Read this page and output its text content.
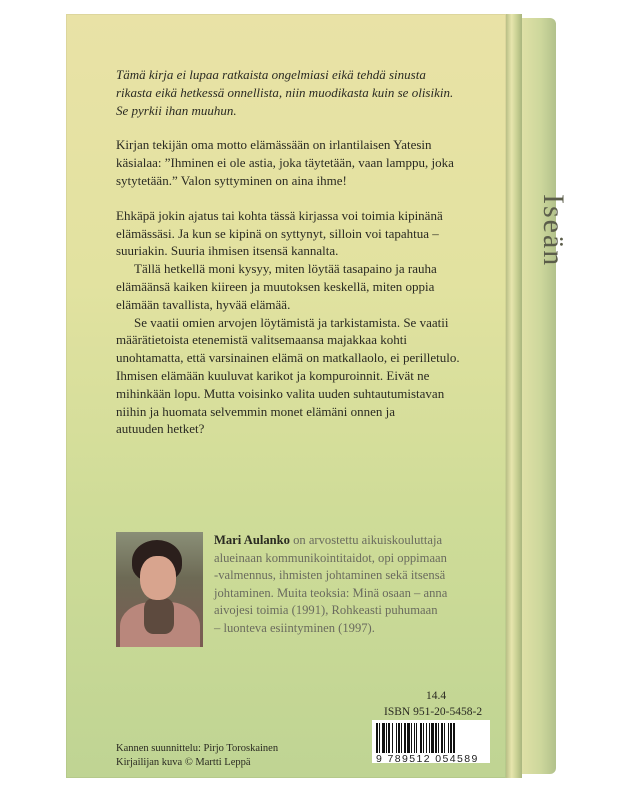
Iseän

Tämä kirja ei lupaa ratkaista ongelmiasi eikä tehdä sinusta

rikasta eikä hetkessä onnellista, niin muodikasta kuin se olisikin.

Se pyrkii ihan muuhun.

Kirjan tekijän oma motto elämässään on irlantilaisen Yatesin

käsialaa: ”Ihminen ei ole astia, joka täytetään, vaan lamppu, joka

sytytetään.” Valon syttyminen on aina ihme!

Ehkäpä jokin ajatus tai kohta tässä kirjassa voi toimia kipinänä

elämässäsi. Ja kun se kipinä on syttynyt, silloin voi tapahtua –

suuriakin. Suuria ihmisen itsensä kannalta.

Tällä hetkellä moni kysyy, miten löytää tasapaino ja rauha

elämäänsä kaiken kiireen ja muutoksen keskellä, miten oppia

elämään tavallista, hyvää elämää.

Se vaatii omien arvojen löytämistä ja tarkistamista. Se vaatii

määrätietoista etenemistä valitsemaansa majakkaa kohti

unohtamatta, että varsinainen elämä on matkallaolo, ei perilletulo.

Ihmisen elämään kuuluvat karikot ja kompuroinnit. Eivät ne

mihinkään lopu. Mutta voisinko valita uuden suhtautumistavan

niihin ja huomata selvemmin monet elämäni onnen ja

autuuden hetket?

Mari Aulanko on arvostettu aikuiskouluttaja
alueinaan kommunikointitaidot, opi oppimaan
-valmennus, ihmisten johtaminen sekä itsensä
johtaminen. Muita teoksia: Minä osaan – anna
aivojesi toimia (1991), Rohkeasti puhumaan
– luonteva esiintyminen (1997).
14.4
ISBN 951-20-5458-2
9 789512 054589
Kannen suunnittelu: Pirjo Toroskainen
Kirjailijan kuva © Martti Leppä
